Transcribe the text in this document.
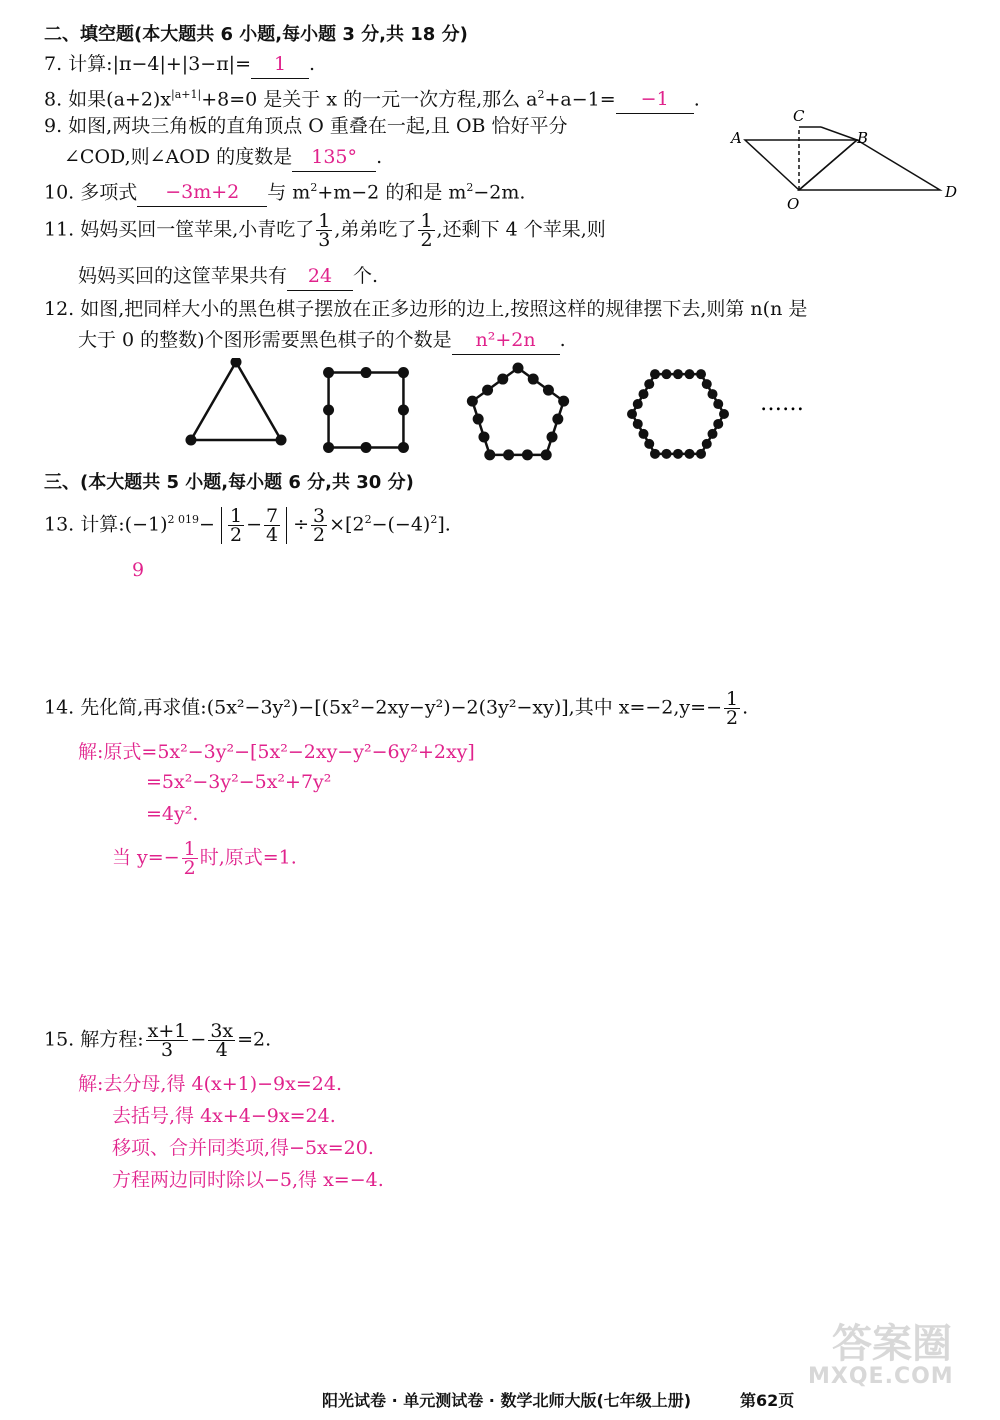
二、填空题(本大题共 6 小题,每小题 3 分,共 18 分)
7. 计算:|π−4|+|3−π|= 1 .
8. 如果$(a+2)x^{|a+1|}+8=0$ 是关于 x 的一元一次方程,那么 $a^2+a-1= -1$ .
9. 如图,两块三角板的直角顶点 O 重叠在一起,且 OB 恰好平分
∠COD,则∠AOD 的度数是 135° .
A
C
B
D
O
10. 多项式 −3m+2 与 $m^2+m-2$ 的和是 $m^2-2m$.
11. 妈妈买回一筐苹果,小青吃了 $\frac{1}{3}$ ,弟弟吃了 $\frac{1}{2}$ ,还剩下 4 个苹果,则
妈妈买回的这筐苹果共有 24 个.
12. 如图,把同样大小的黑色棋子摆放在正多边形的边上,按照这样的规律摆下去,则第 n(n 是
大于 0 的整数)个图形需要黑色棋子的个数是 n²+2n .
……
三、(本大题共 5 小题,每小题 6 分,共 30 分)
13. 计算$:(-1)^{2 019}- \frac{1}{2} - \frac{7}{4} \div \frac{3}{2} \times[2^2-(-4)^2]$.
9
14. 先化简,再求值:(5x²−3y²)−[(5x²−2xy−y²)−2(3y²−xy)],其中 $x=-2,y=- \frac{1}{2}$ .
解:原式=5x²−3y²−[5x²−2xy−y²−6y²+2xy]
=5x²−3y²−5x²+7y²
=4y².
当 $y=- \frac{1}{2}$ 时,原式=1.
15. 解方程: $\frac{x+1}{3} - \frac{3x}{4} =2$.
解:去分母,得 4(x+1)−9x=24.
去括号,得 4x+4−9x=24.
移项、合并同类项,得−5x=20.
方程两边同时除以−5,得 x=−4.
阳光试卷 · 单元测试卷 · 数学北师大版(七年级上册)	第62页
答案圈
MXQE.COM
